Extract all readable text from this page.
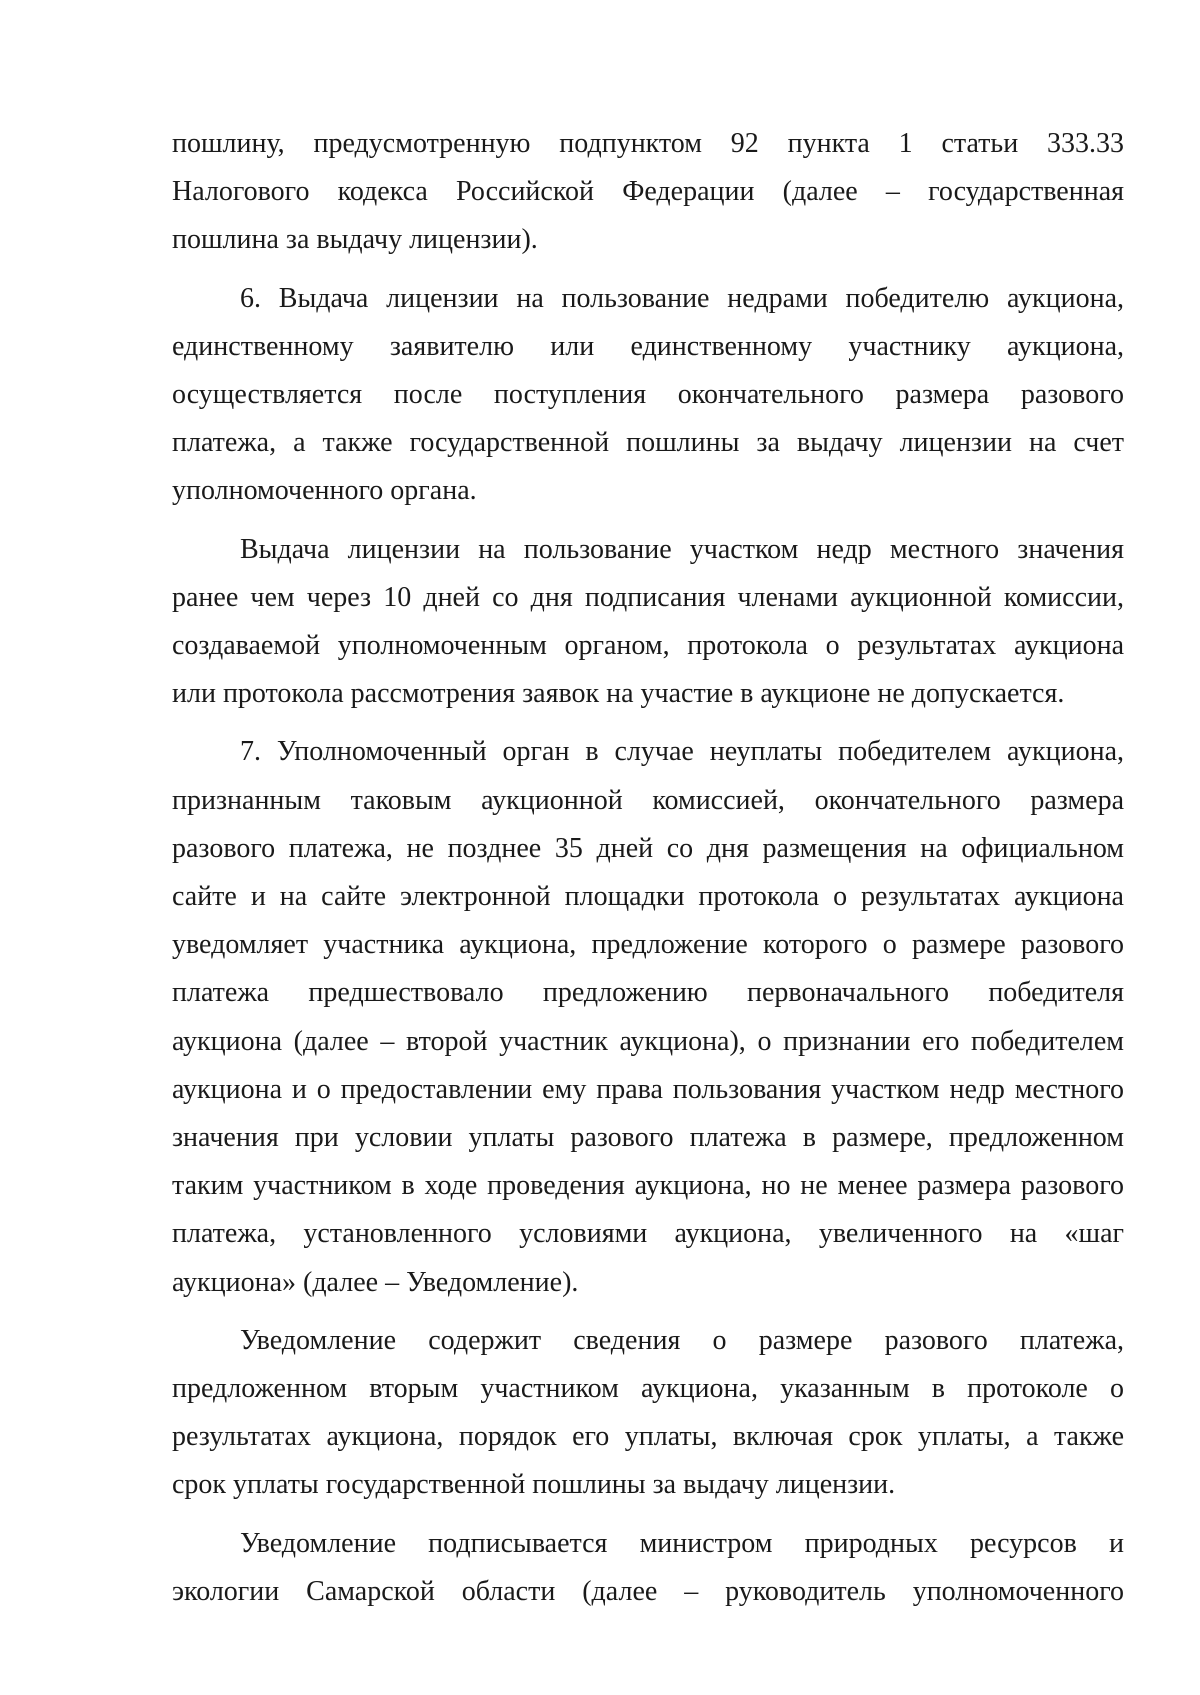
пошлину, предусмотренную подпунктом 92 пункта 1 статьи 333.33
Налогового кодекса Российской Федерации (далее – государственная
пошлина за выдачу лицензии).
6. Выдача лицензии на пользование недрами победителю аукциона,
единственному заявителю или единственному участнику аукциона,
осуществляется после поступления окончательного размера разового
платежа, а также государственной пошлины за выдачу лицензии на счет
уполномоченного органа.
Выдача лицензии на пользование участком недр местного значения
ранее чем через 10 дней со дня подписания членами аукционной комиссии,
создаваемой уполномоченным органом, протокола о результатах аукциона
или протокола рассмотрения заявок на участие в аукционе не допускается.
7. Уполномоченный орган в случае неуплаты победителем аукциона,
признанным таковым аукционной комиссией, окончательного размера
разового платежа, не позднее 35 дней со дня размещения на официальном
сайте и на сайте электронной площадки протокола о результатах аукциона
уведомляет участника аукциона, предложение которого о размере разового
платежа предшествовало предложению первоначального победителя
аукциона (далее – второй участник аукциона), о признании его победителем
аукциона и о предоставлении ему права пользования участком недр местного
значения при условии уплаты разового платежа в размере, предложенном
таким участником в ходе проведения аукциона, но не менее размера разового
платежа, установленного условиями аукциона, увеличенного на «шаг
аукциона» (далее – Уведомление).
Уведомление содержит сведения о размере разового платежа,
предложенном вторым участником аукциона, указанным в протоколе о
результатах аукциона, порядок его уплаты, включая срок уплаты, а также
срок уплаты государственной пошлины за выдачу лицензии.
Уведомление подписывается министром природных ресурсов и
экологии Самарской области (далее – руководитель уполномоченного
